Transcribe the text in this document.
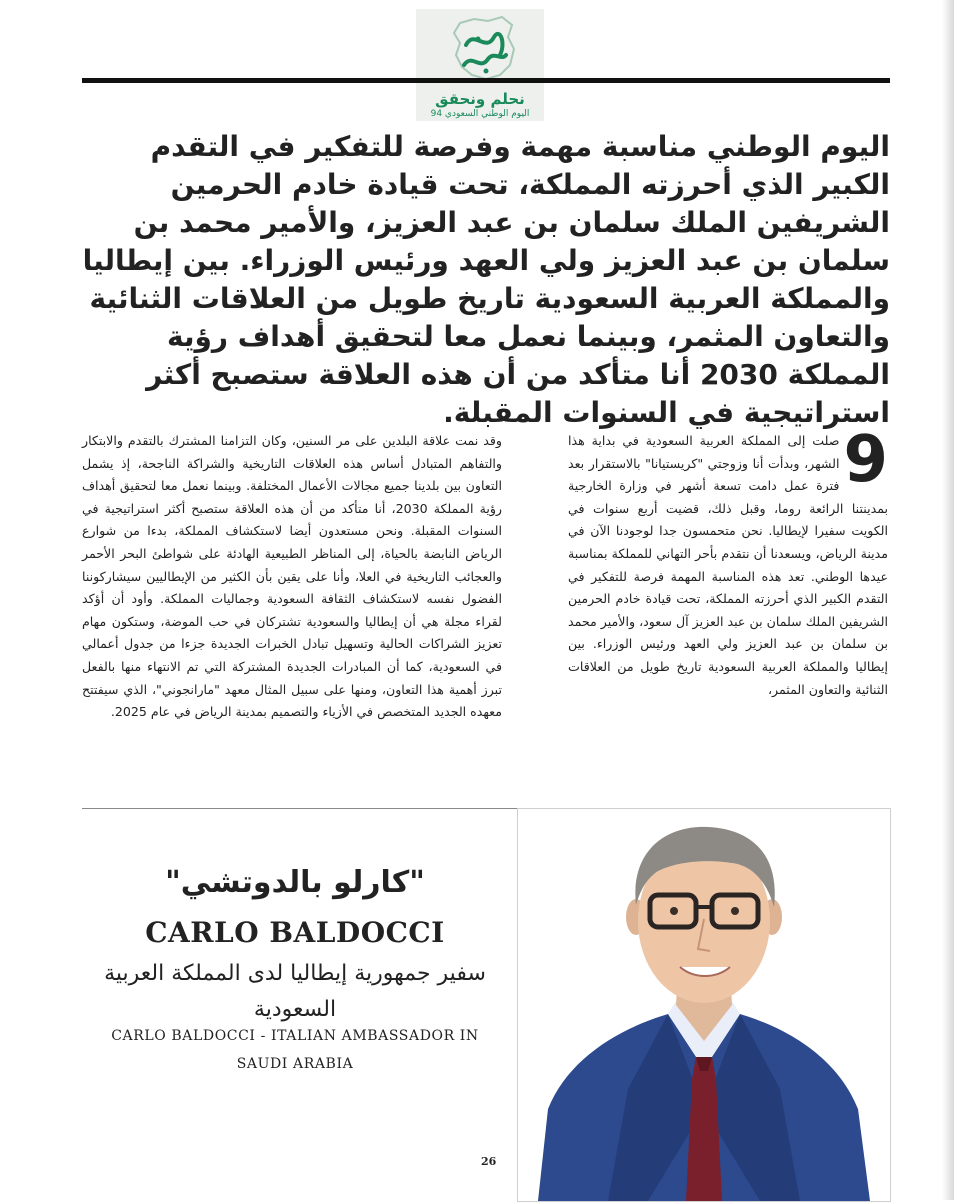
نحلم ونحقق
اليوم الوطني السعودي 94
اليوم الوطني مناسبة مهمة وفرصة للتفكير في التقدم الكبير الذي أحرزته المملكة، تحت قيادة خادم الحرمين الشريفين الملك سلمان بن عبد العزيز، والأمير محمد بن سلمان بن عبد العزيز ولي العهد ورئيس الوزراء. بين إيطاليا والمملكة العربية السعودية تاريخ طويل من العلاقات الثنائية والتعاون المثمر، وبينما نعمل معا لتحقيق أهداف رؤية المملكة 2030 أنا متأكد من أن هذه العلاقة ستصبح أكثر استراتيجية في السنوات المقبلة.
9
صلت إلى المملكة العربية السعودية في بداية هذا الشهر، وبدأت أنا وزوجتي "كريستيانا" بالاستقرار بعد فترة عمل دامت تسعة أشهر في وزارة الخارجية بمدينتنا الرائعة روما، وقبل ذلك، قضيت أربع سنوات في الكويت سفيرا لإيطاليا. نحن متحمسون جدا لوجودنا الآن في مدينة الرياض، ويسعدنا أن نتقدم بأحر التهاني للمملكة بمناسبة عيدها الوطني. تعد هذه المناسبة المهمة فرصة للتفكير في التقدم الكبير الذي أحرزته المملكة، تحت قيادة خادم الحرمين الشريفين الملك سلمان بن عبد العزيز آل سعود، والأمير محمد بن سلمان بن عبد العزيز ولي العهد ورئيس الوزراء. بين إيطاليا والمملكة العربية السعودية تاريخ طويل من العلاقات الثنائية والتعاون المثمر،
وقد نمت علاقة البلدين على مر السنين، وكان التزامنا المشترك بالتقدم والابتكار والتفاهم المتبادل أساس هذه العلاقات التاريخية والشراكة الناجحة، إذ يشمل التعاون بين بلدينا جميع مجالات الأعمال المختلفة. وبينما نعمل معا لتحقيق أهداف رؤية المملكة 2030، أنا متأكد من أن هذه العلاقة ستصبح أكثر استراتيجية في السنوات المقبلة. ونحن مستعدون أيضا لاستكشاف المملكة، بدءا من شوارع الرياض النابضة بالحياة، إلى المناظر الطبيعية الهادئة على شواطئ البحر الأحمر والعجائب التاريخية في العلا، وأنا على يقين بأن الكثير من الإيطاليين سيشاركوننا الفضول نفسه لاستكشاف الثقافة السعودية وجماليات المملكة. وأود أن أؤكد لقراء مجلة هي أن إيطاليا والسعودية تشتركان في حب الموضة، وستكون مهام تعزيز الشراكات الحالية وتسهيل تبادل الخبرات الجديدة جزءا من جدول أعمالي في السعودية، كما أن المبادرات الجديدة المشتركة التي تم الانتهاء منها بالفعل تبرز أهمية هذا التعاون، ومنها على سبيل المثال معهد "مارانجوني"، الذي سيفتتح معهده الجديد المتخصص في الأزياء والتصميم بمدينة الرياض في عام 2025.
"كارلو بالدوتشي"
CARLO BALDOCCI
سفير جمهورية إيطاليا لدى المملكة العربية السعودية
CARLO BALDOCCI - ITALIAN AMBASSADOR IN SAUDI ARABIA
26
